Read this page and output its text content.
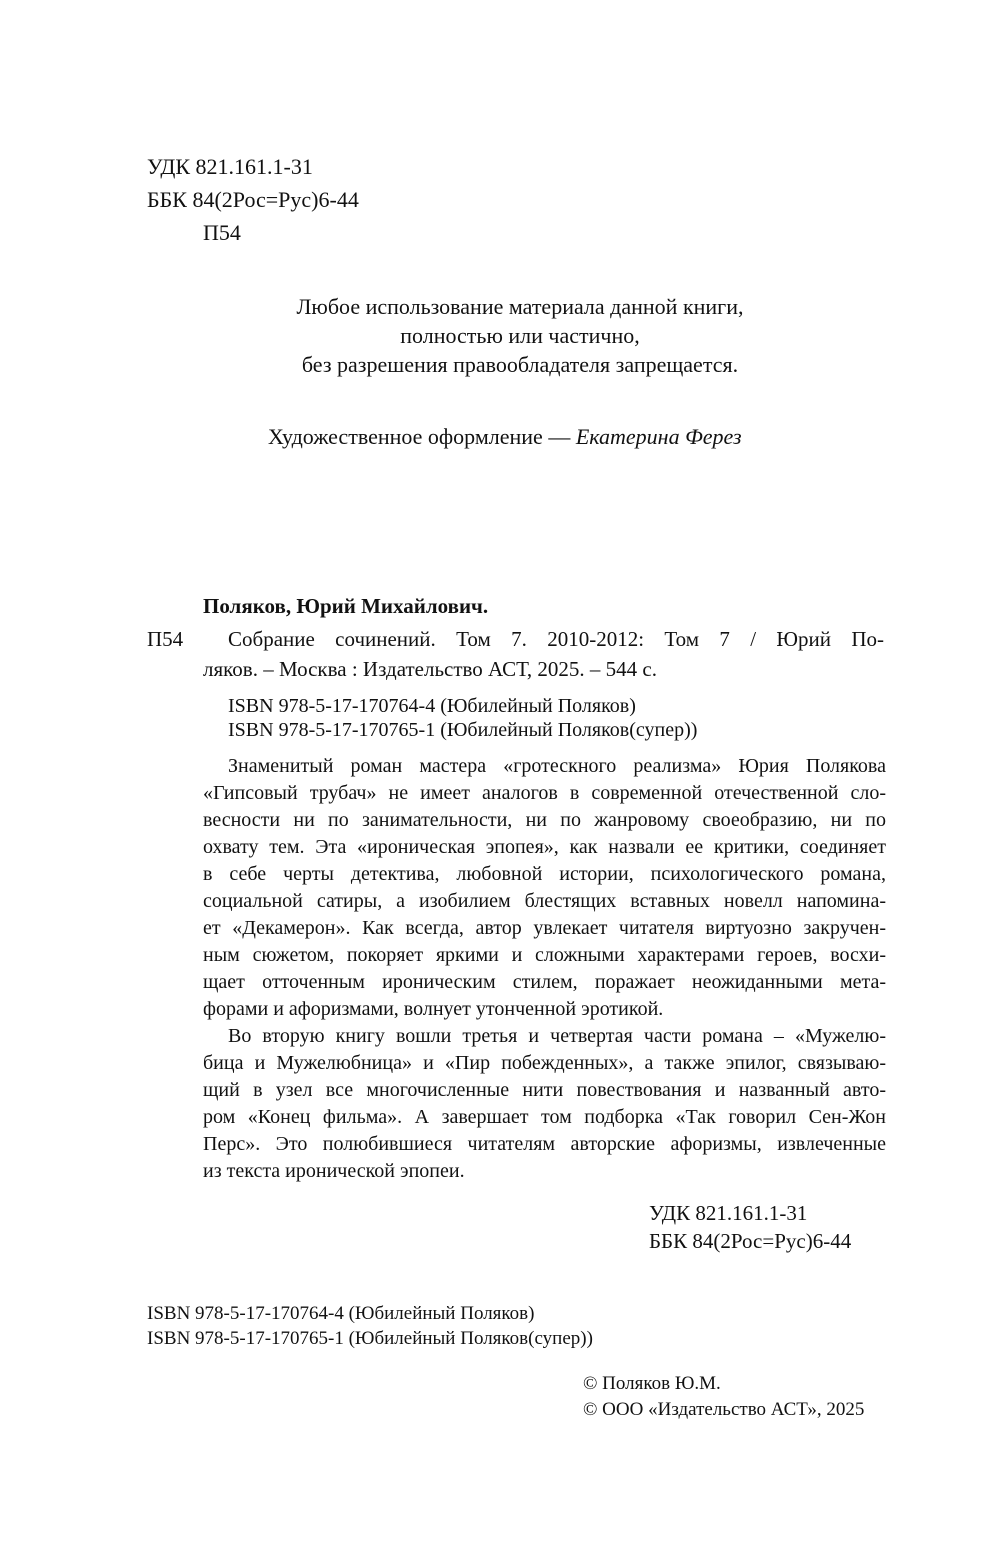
УДК 821.161.1-31
ББК 84(2Рос=Рус)6-44
П54
Любое использование материала данной книги,
полностью или частично,
без разрешения правообладателя запрещается.
Художественное оформление — Екатерина Ферез
Поляков, Юрий Михайлович.
П54 Собрание сочинений. Том 7. 2010-2012: Том 7 / Юрий По-
ляков. – Москва : Издательство АСТ, 2025. – 544 с.
ISBN 978-5-17-170764-4 (Юбилейный Поляков)
ISBN 978-5-17-170765-1 (Юбилейный Поляков(супер))
Знаменитый роман мастера «гротескного реализма» Юрия Полякова
«Гипсовый трубач» не имеет аналогов в современной отечественной сло-
весности ни по занимательности, ни по жанровому своеобразию, ни по
охвату тем. Эта «ироническая эпопея», как назвали ее критики, соединяет
в себе черты детектива, любовной истории, психологического романа,
социальной сатиры, а изобилием блестящих вставных новелл напомина-
ет «Декамерон». Как всегда, автор увлекает читателя виртуозно закручен-
ным сюжетом, покоряет яркими и сложными характерами героев, восхи-
щает отточенным ироническим стилем, поражает неожиданными мета-
форами и афоризмами, волнует утонченной эротикой.
Во вторую книгу вошли третья и четвертая части романа – «Мужелю-
бица и Мужелюбница» и «Пир побежденных», а также эпилог, связываю-
щий в узел все многочисленные нити повествования и названный авто-
ром «Конец фильма». А завершает том подборка «Так говорил Сен-Жон
Перс». Это полюбившиеся читателям авторские афоризмы, извлеченные
из текста иронической эпопеи.
УДК 821.161.1-31
ББК 84(2Рос=Рус)6-44
ISBN 978-5-17-170764-4 (Юбилейный Поляков)
ISBN 978-5-17-170765-1 (Юбилейный Поляков(супер))
© Поляков Ю.М.
© ООО «Издательство АСТ», 2025
